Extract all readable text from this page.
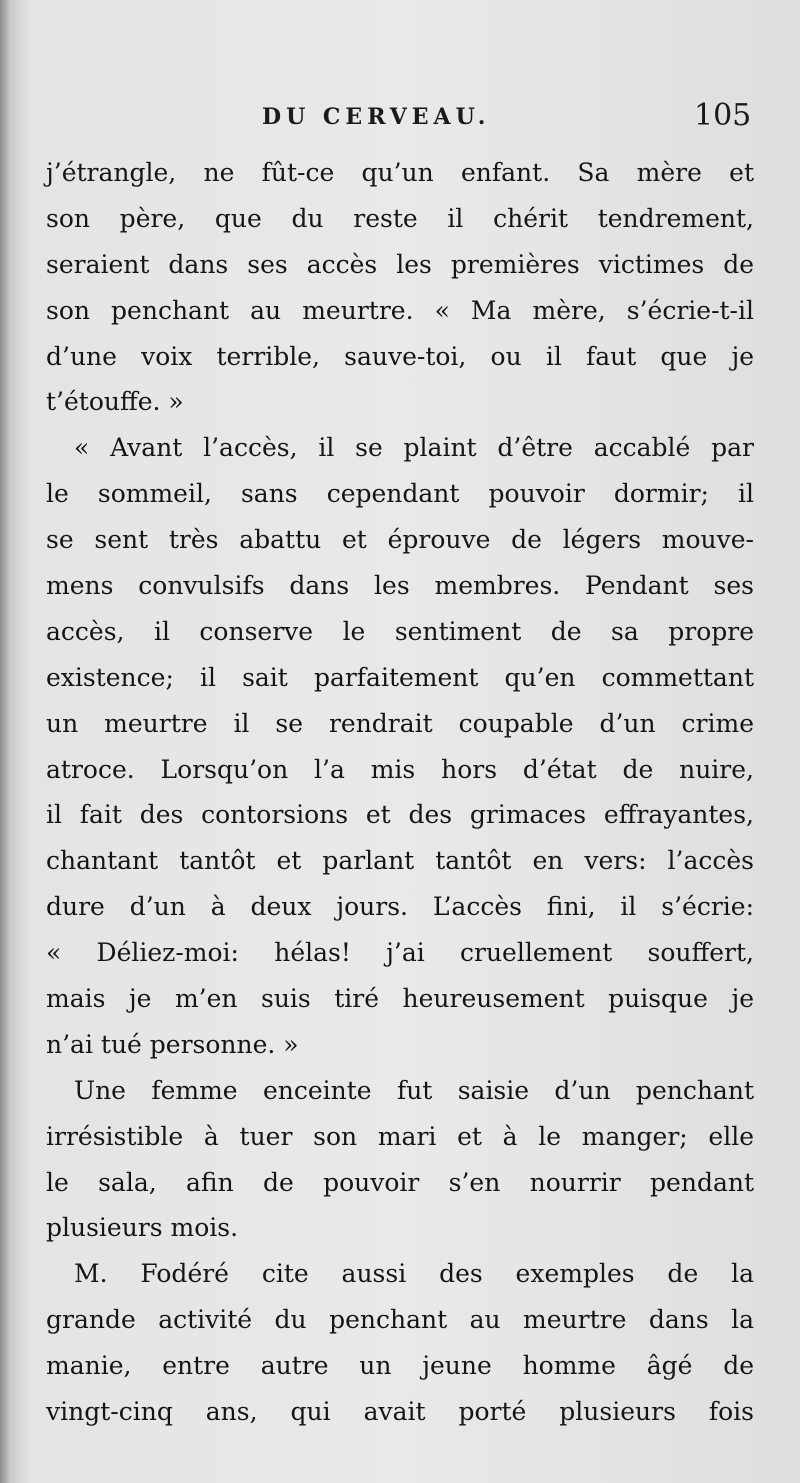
DU CERVEAU.	105
j’étrangle, ne fût-ce qu’un enfant. Sa mère et
son père, que du reste il chérit tendrement,
seraient dans ses accès les premières victimes de
son penchant au meurtre. « Ma mère, s’écrie-t-il
d’une voix terrible, sauve-toi, ou il faut que je
t’étouffe. »
« Avant l’accès, il se plaint d’être accablé par
le sommeil, sans cependant pouvoir dormir; il
se sent très abattu et éprouve de légers mouve-
mens convulsifs dans les membres. Pendant ses
accès, il conserve le sentiment de sa propre
existence; il sait parfaitement qu’en commettant
un meurtre il se rendrait coupable d’un crime
atroce. Lorsqu’on l’a mis hors d’état de nuire,
il fait des contorsions et des grimaces effrayantes,
chantant tantôt et parlant tantôt en vers: l’accès
dure d’un à deux jours. L’accès fini, il s’écrie:
« Déliez-moi: hélas! j’ai cruellement souffert,
mais je m’en suis tiré heureusement puisque je
n’ai tué personne. »
Une femme enceinte fut saisie d’un penchant
irrésistible à tuer son mari et à le manger; elle
le sala, afin de pouvoir s’en nourrir pendant
plusieurs mois.
M. Fodéré cite aussi des exemples de la
grande activité du penchant au meurtre dans la
manie, entre autre un jeune homme âgé de
vingt-cinq ans, qui avait porté plusieurs fois
